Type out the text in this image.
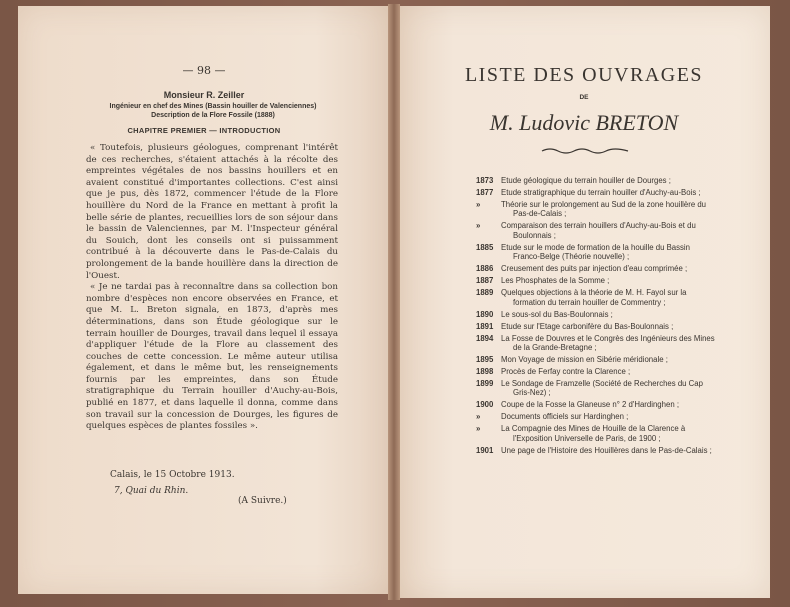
— 98 —
Monsieur R. Zeiller
Ingénieur en chef des Mines (Bassin houiller de Valenciennes)
Description de la Flore Fossile (1888)
CHAPITRE PREMIER — INTRODUCTION

« Toutefois, plusieurs géologues, comprenant l'intérêt de ces recherches, s'étaient attachés à la récolte des empreintes végétales de nos bassins houillers et en avaient constitué d'importantes collections. C'est ainsi que je pus, dès 1872, commencer l'étude de la Flore houillère du Nord de la France en mettant à profit la belle série de plantes, recueillies lors de son séjour dans le bassin de Valenciennes, par M. l'Inspecteur général du Souich, dont les conseils ont si puissamment contribué à la découverte dans le Pas-de-Calais du prolongement de la bande houillère dans la direction de l'Ouest.

« Je ne tardai pas à reconnaître dans sa collection bon nombre d'espèces non encore observées en France, et que M. L. Breton signala, en 1873, d'après mes déterminations, dans son Étude géologique sur le terrain houiller de Dourges, travail dans lequel il essaya d'appliquer l'étude de la Flore au classement des couches de cette concession. Le même auteur utilisa également, et dans le même but, les renseignements fournis par les empreintes, dans son Étude stratigraphique du Terrain houiller d'Auchy-au-Bois, publié en 1877, et dans laquelle il donna, comme dans son travail sur la concession de Dourges, les figures de quelques espèces de plantes fossiles ».

Calais, le 15 Octobre 1913.
7, Quai du Rhin.
(A Suivre.)
LISTE DES OUVRAGES
DE
M. Ludovic BRETON
1873 Etude géologique du terrain houiller de Dourges ;
1877 Etude stratigraphique du terrain houiller d'Auchy-au-Bois ;
»	Théorie sur le prolongement au Sud de la zone houillère du Pas-de-Calais ;
»	Comparaison des terrain houillers d'Auchy-au-Bois et du Boulonnais ;
1885 Etude sur le mode de formation de la houille du Bassin Franco-Belge (Théorie nouvelle) ;
1886 Creusement des puits par injection d'eau comprimée ;
1887 Les Phosphates de la Somme ;
1889 Quelques objections à la théorie de M. H. Fayol sur la formation du terrain houiller de Commentry ;
1890 Le sous-sol du Bas-Boulonnais ;
1891 Etude sur l'Etage carbonifère du Bas-Boulonnais ;
1894 La Fosse de Douvres et le Congrès des Ingénieurs des Mines de la Grande-Bretagne ;
1895 Mon Voyage de mission en Sibérie méridionale ;
1898 Procès de Ferfay contre la Clarence ;
1899 Le Sondage de Framzelle (Société de Recherches du Cap Gris-Nez) ;
1900 Coupe de la Fosse la Glaneuse n° 2 d'Hardinghen ;
»	Documents officiels sur Hardinghen ;
»	La Compagnie des Mines de Houille de la Clarence à l'Exposition Universelle de Paris, de 1900 ;
1901 Une page de l'Histoire des Houillères dans le Pas-de-Calais ;
